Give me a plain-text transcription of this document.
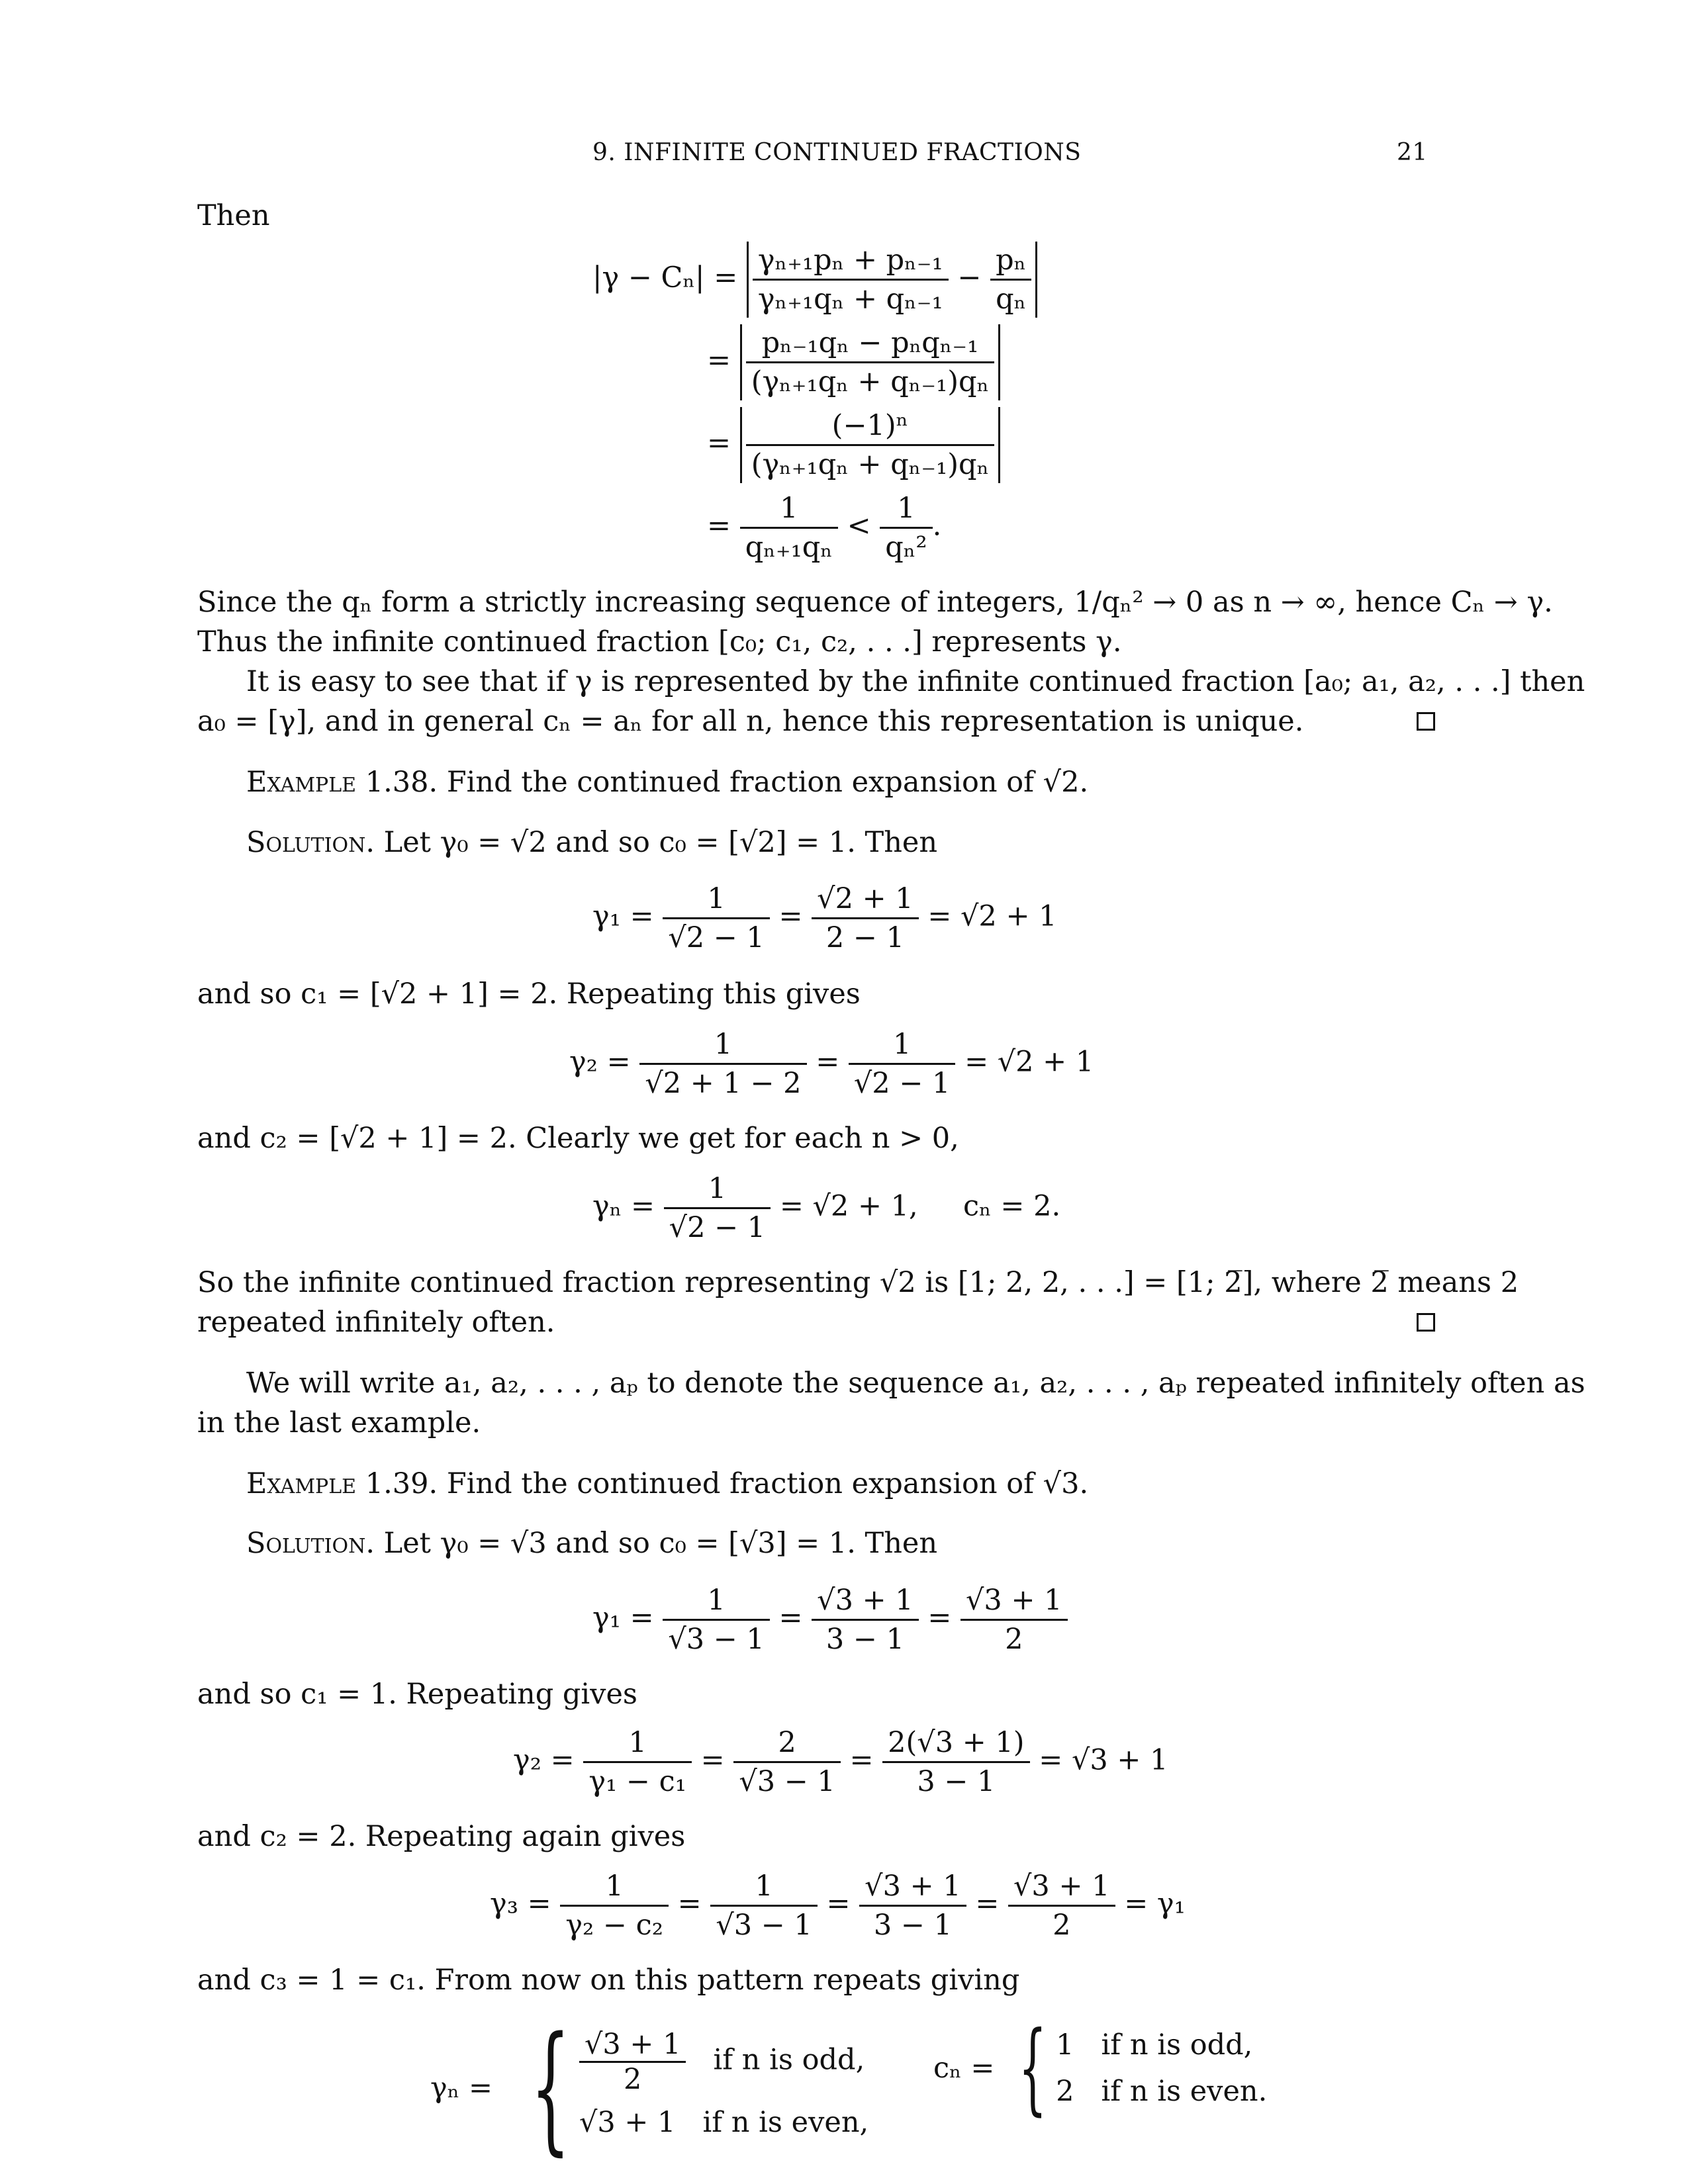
9. INFINITE CONTINUED FRACTIONS	21
Then
$|\gamma - C_n| = \frac{\text{γₙ₊₁pₙ + pₙ₋₁}}{\text{γₙ₊₁qₙ + qₙ₋₁}} - \frac{\text{pₙ}}{\text{qₙ}}$
= $\frac{\text{pₙ₋₁qₙ − pₙqₙ₋₁}}{\text{(γₙ₊₁qₙ + qₙ₋₁)qₙ}}$
= $\frac{\text{(−1)ⁿ}}{\text{(γₙ₊₁qₙ + qₙ₋₁)qₙ}}$
= $\frac{1}{\text{qₙ₊₁qₙ}} < \frac{1}{\text{qₙ²}}$ .
Since the qₙ form a strictly increasing sequence of integers, 1/qₙ² → 0 as n → ∞, hence Cₙ → γ.
Thus the infinite continued fraction [c₀; c₁, c₂, . . .] represents γ.
It is easy to see that if γ is represented by the infinite continued fraction [a₀; a₁, a₂, . . .] then
a₀ = [γ], and in general cₙ = aₙ for all n, hence this representation is unique.
Example 1.38. Find the continued fraction expansion of √2.
Solution. Let γ₀ = √2 and so c₀ = [√2] = 1. Then
$\gamma_1 = \frac{1}{√2 - 1} = \frac{√2 + 1}{2 - 1} = √2 + 1$
and so c₁ = [√2 + 1] = 2. Repeating this gives
$\gamma_2 = \frac{1}{√2 + 1 - 2} = \frac{1}{√2 - 1} = √2 + 1$
and c₂ = [√2 + 1] = 2. Clearly we get for each n > 0,
$\gamma_n = \frac{1}{√2 - 1} = √2 + 1$, cₙ = 2.
So the infinite continued fraction representing √2 is [1; 2, 2, . . .] = [1; 2̅], where 2̅ means 2
repeated infinitely often.
We will write a₁, a₂, . . . , aₚ to denote the sequence a₁, a₂, . . . , aₚ repeated infinitely often as
in the last example.
Example 1.39. Find the continued fraction expansion of √3.
Solution. Let γ₀ = √3 and so c₀ = [√3] = 1. Then
$\gamma_1 = \frac{1}{√3 - 1} = \frac{√3 + 1}{3 - 1} = \frac{√3 + 1}{2}$
and so c₁ = 1. Repeating gives
$\gamma_2 = \frac{1}{\text{γ₁ − c₁}} = \frac{2}{√3 - 1} = \frac{2(√3 + 1)}{3 - 1} = √3 + 1$
and c₂ = 2. Repeating again gives
$\gamma_3 = \frac{1}{\text{γ₂ − c₂}} = \frac{1}{√3 - 1} = \frac{√3 + 1}{3 - 1} = \frac{√3 + 1}{2} = \gamma_1$
and c₃ = 1 = c₁. From now on this pattern repeats giving
γₙ = { $\frac{√3 + 1}{2}$ if n is odd,
√3 + 1 if n is even,
cₙ = { 1 if n is odd,
2 if n is even.
